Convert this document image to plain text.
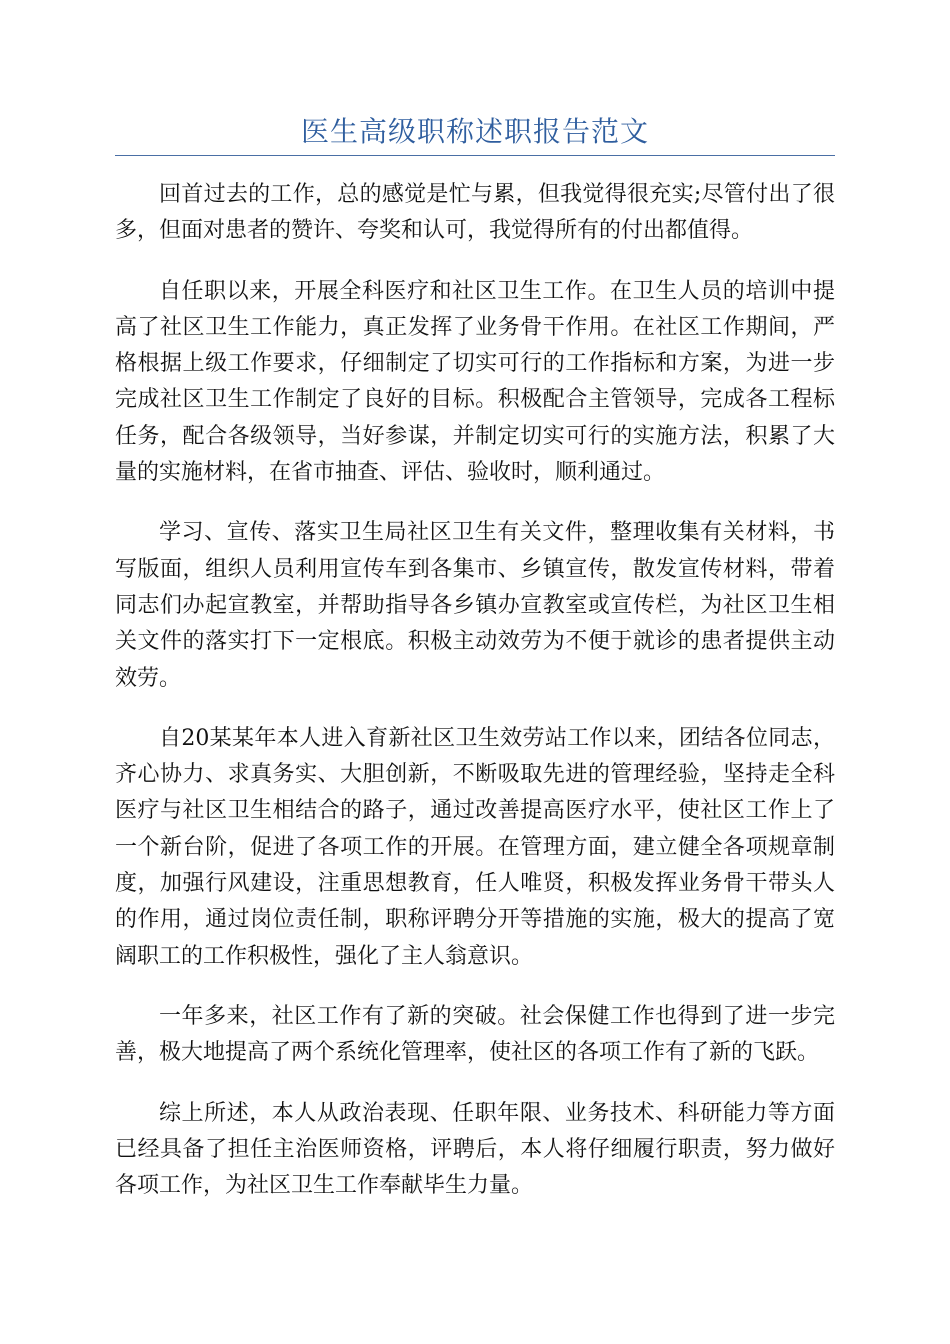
医生高级职称述职报告范文

回首过去的工作，总的感觉是忙与累，但我觉得很充实;尽管付出了很多，但面对患者的赞许、夸奖和认可，我觉得所有的付出都值得。

自任职以来，开展全科医疗和社区卫生工作。在卫生人员的培训中提高了社区卫生工作能力，真正发挥了业务骨干作用。在社区工作期间，严格根据上级工作要求，仔细制定了切实可行的工作指标和方案，为进一步完成社区卫生工作制定了良好的目标。积极配合主管领导，完成各工程标任务，配合各级领导，当好参谋，并制定切实可行的实施方法，积累了大量的实施材料，在省市抽查、评估、验收时，顺利通过。

学习、宣传、落实卫生局社区卫生有关文件，整理收集有关材料，书写版面，组织人员利用宣传车到各集市、乡镇宣传，散发宣传材料，带着同志们办起宣教室，并帮助指导各乡镇办宣教室或宣传栏，为社区卫生相关文件的落实打下一定根底。积极主动效劳为不便于就诊的患者提供主动效劳。

自20某某年本人进入育新社区卫生效劳站工作以来，团结各位同志，齐心协力、求真务实、大胆创新，不断吸取先进的管理经验，坚持走全科医疗与社区卫生相结合的路子，通过改善提高医疗水平，使社区工作上了一个新台阶，促进了各项工作的开展。在管理方面，建立健全各项规章制度，加强行风建设，注重思想教育，任人唯贤，积极发挥业务骨干带头人的作用，通过岗位责任制，职称评聘分开等措施的实施，极大的提高了宽阔职工的工作积极性，强化了主人翁意识。

一年多来，社区工作有了新的突破。社会保健工作也得到了进一步完善，极大地提高了两个系统化管理率，使社区的各项工作有了新的飞跃。

综上所述，本人从政治表现、任职年限、业务技术、科研能力等方面已经具备了担任主治医师资格，评聘后，本人将仔细履行职责，努力做好各项工作，为社区卫生工作奉献毕生力量。
